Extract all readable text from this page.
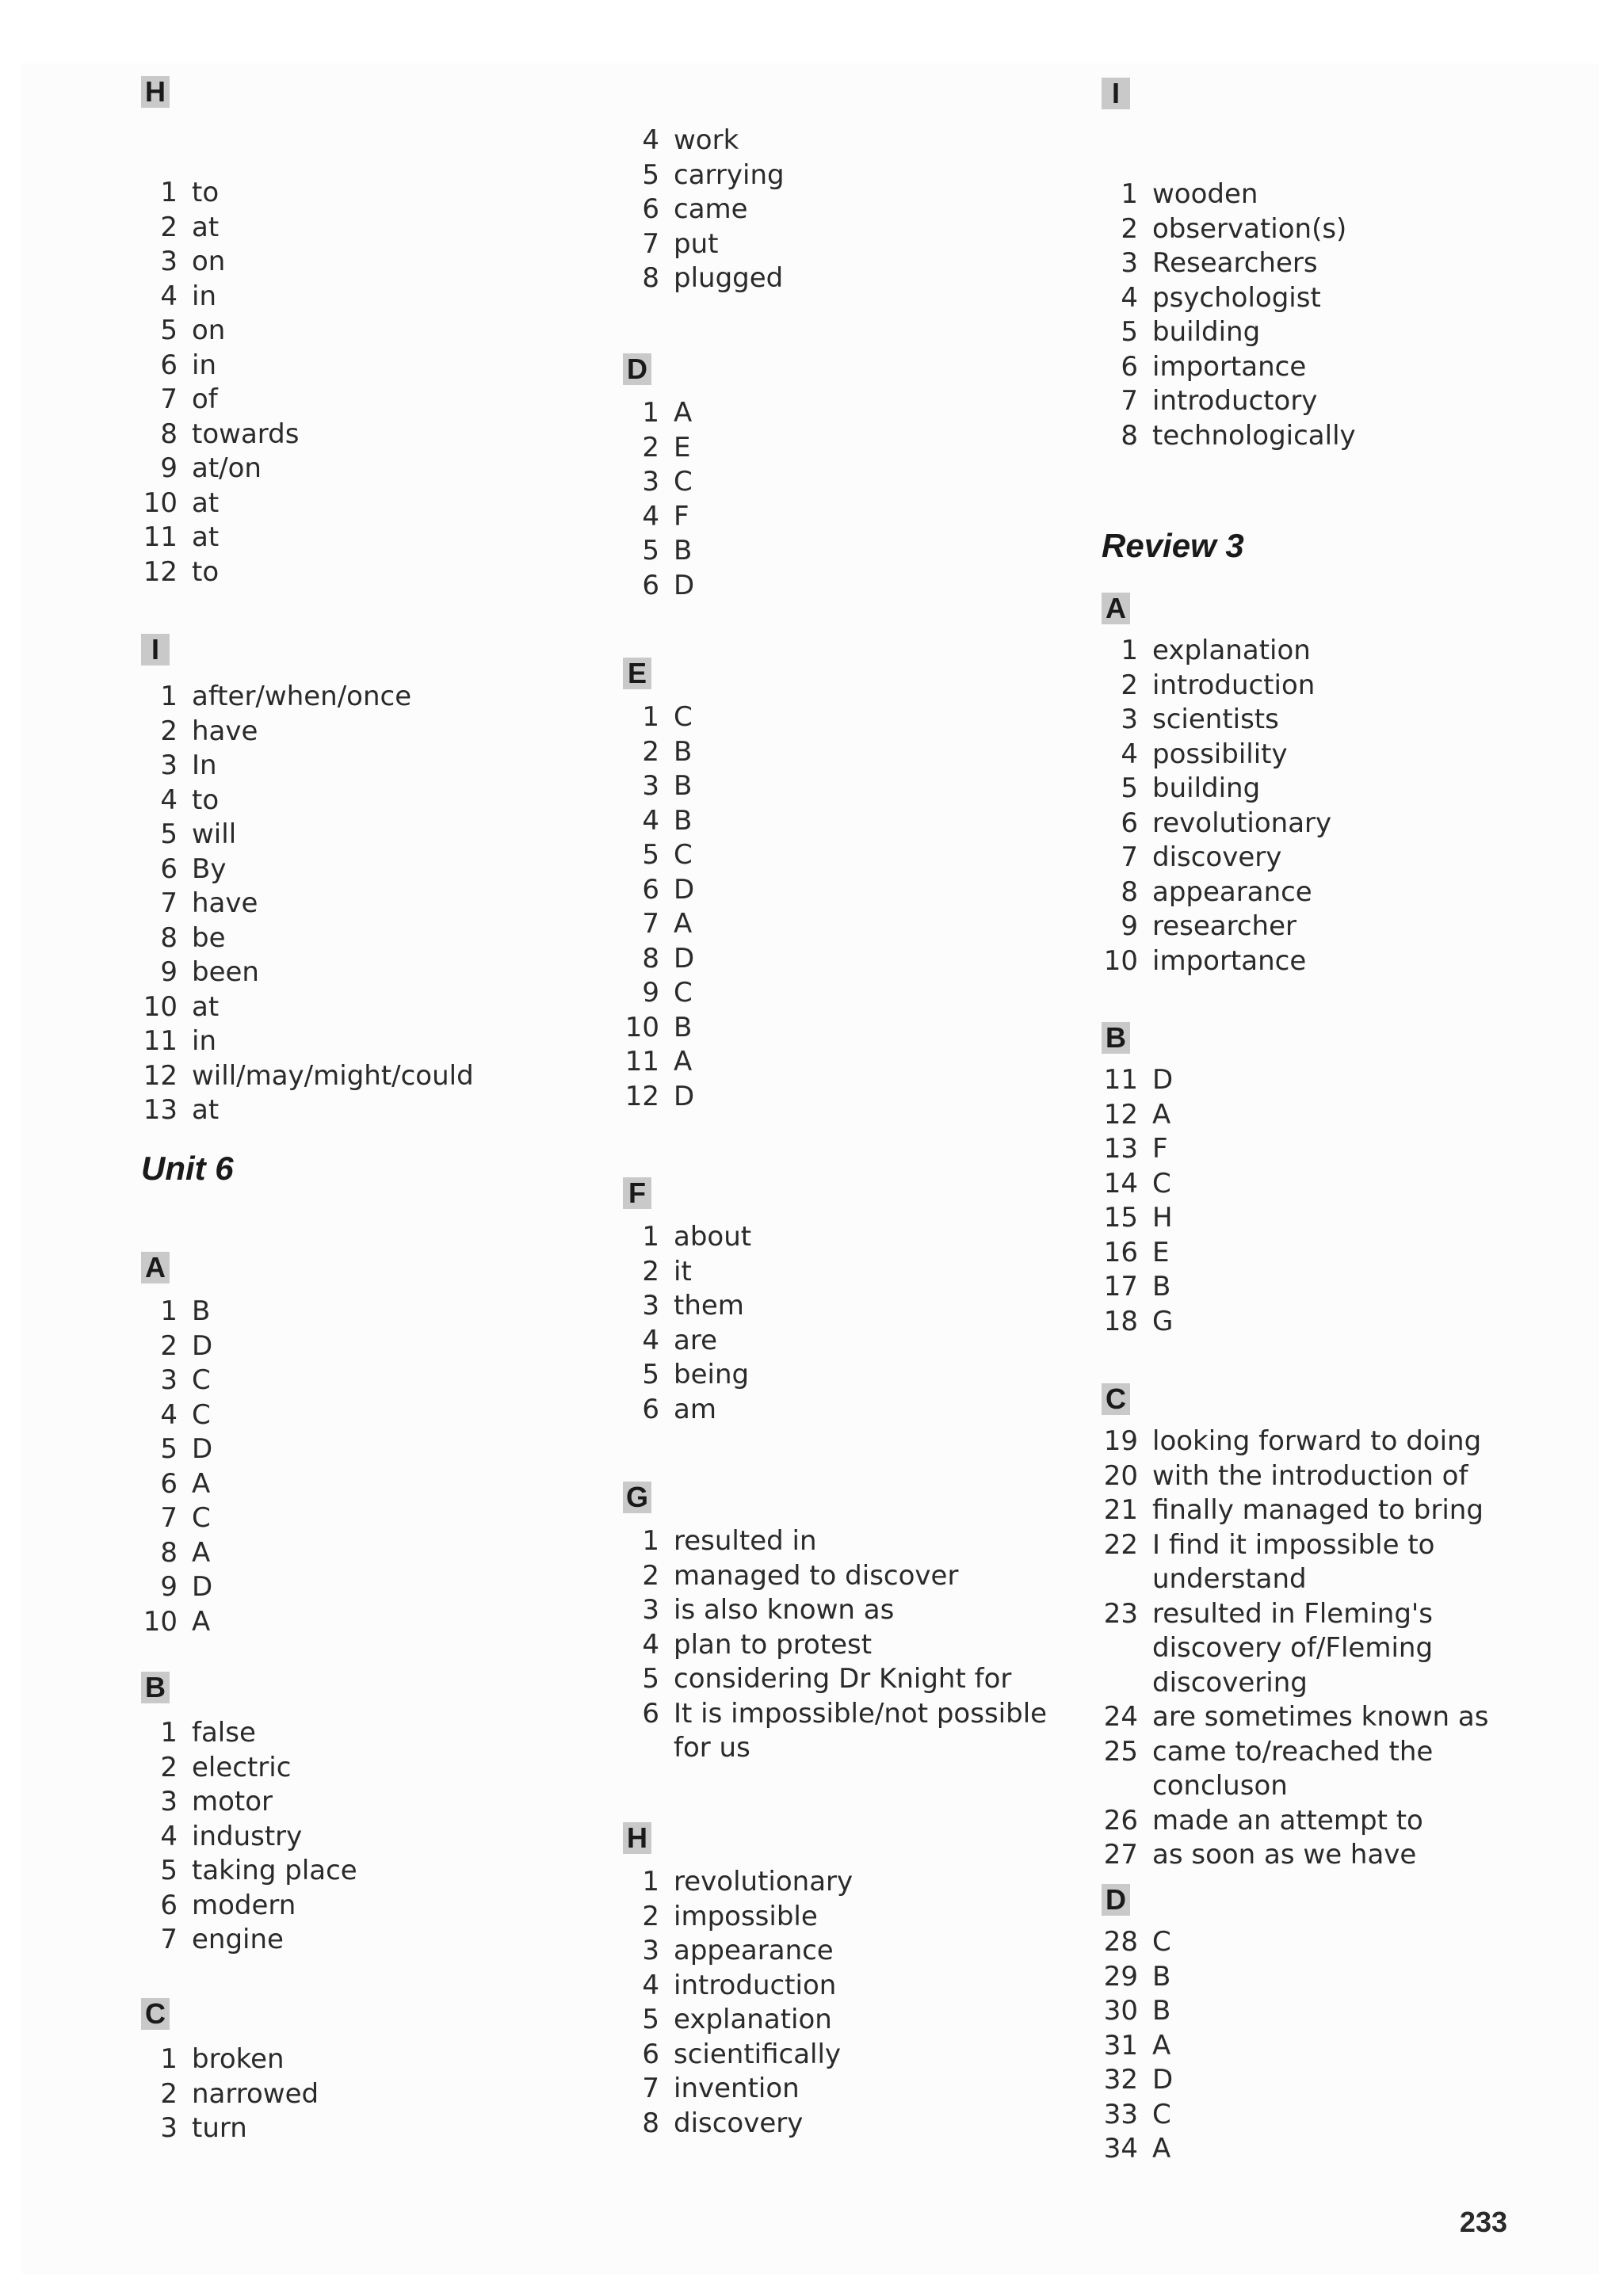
H
1 to
2 at
3 on
4 in
5 on
6 in
7 of
8 towards
9 at/on
10 at
11 at
12 to
I
1 after/when/once
2 have
3 In
4 to
5 will
6 By
7 have
8 be
9 been
10 at
11 in
12 will/may/might/could
13 at
Unit 6
A
1 B
2 D
3 C
4 C
5 D
6 A
7 C
8 A
9 D
10 A
B
1 false
2 electric
3 motor
4 industry
5 taking place
6 modern
7 engine
C
1 broken
2 narrowed
3 turn
4 work
5 carrying
6 came
7 put
8 plugged
D
1 A
2 E
3 C
4 F
5 B
6 D
E
1 C
2 B
3 B
4 B
5 C
6 D
7 A
8 D
9 C
10 B
11 A
12 D
F
1 about
2 it
3 them
4 are
5 being
6 am
G
1 resulted in
2 managed to discover
3 is also known as
4 plan to protest
5 considering Dr Knight for
6 It is impossible/not possible for us
H
1 revolutionary
2 impossible
3 appearance
4 introduction
5 explanation
6 scientifically
7 invention
8 discovery
I
1 wooden
2 observation(s)
3 Researchers
4 psychologist
5 building
6 importance
7 introductory
8 technologically
Review 3
A
1 explanation
2 introduction
3 scientists
4 possibility
5 building
6 revolutionary
7 discovery
8 appearance
9 researcher
10 importance
B
11 D
12 A
13 F
14 C
15 H
16 E
17 B
18 G
C
19 looking forward to doing
20 with the introduction of
21 finally managed to bring
22 I find it impossible to understand
23 resulted in Fleming's discovery of/Fleming discovering
24 are sometimes known as
25 came to/reached the concluson
26 made an attempt to
27 as soon as we have
D
28 C
29 B
30 B
31 A
32 D
33 C
34 A
233
